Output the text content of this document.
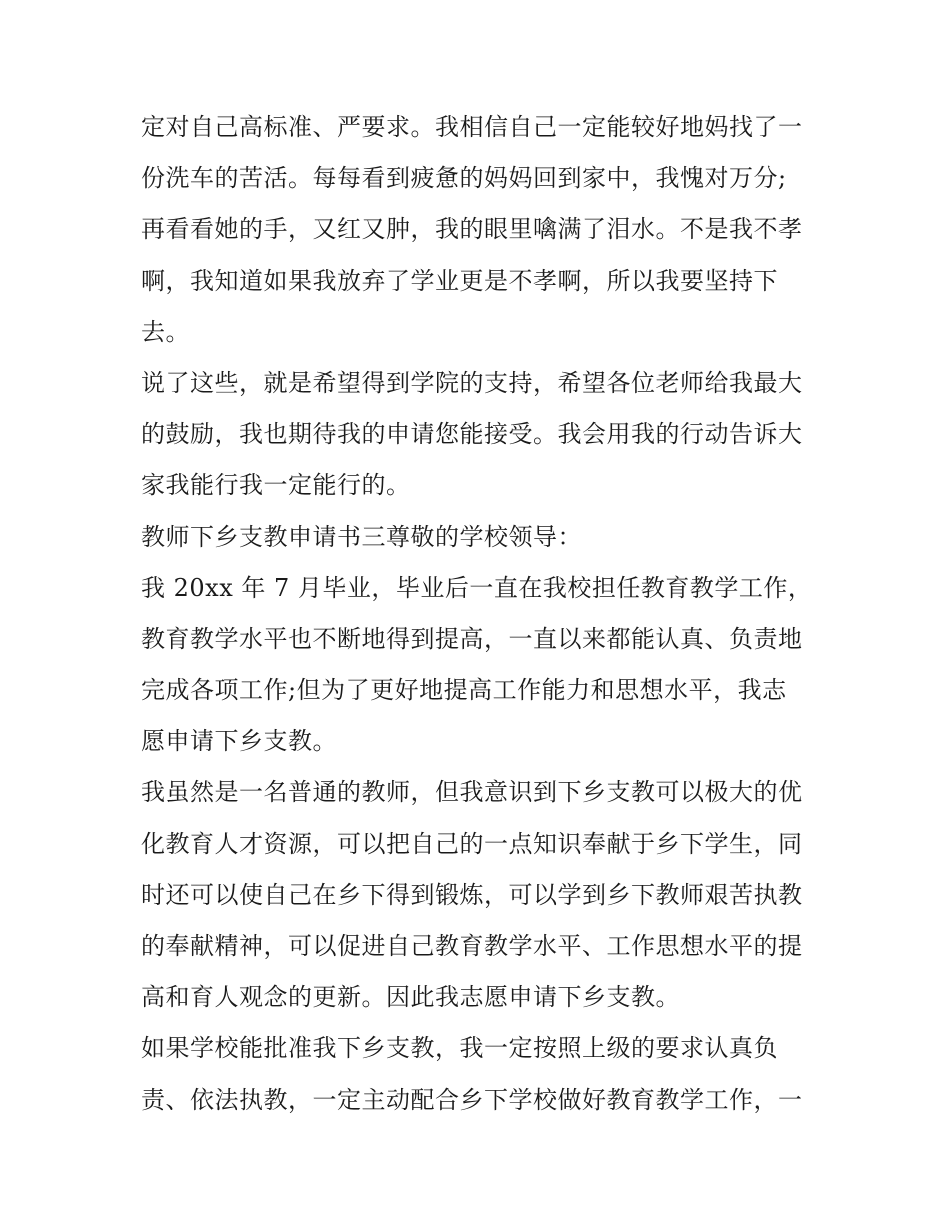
定对自己高标准、严要求。我相信自己一定能较好地妈找了一
份洗车的苦活。每每看到疲惫的妈妈回到家中，我愧对万分;
再看看她的手，又红又肿，我的眼里噙满了泪水。不是我不孝
啊，我知道如果我放弃了学业更是不孝啊，所以我要坚持下
去。
说了这些，就是希望得到学院的支持，希望各位老师给我最大
的鼓励，我也期待我的申请您能接受。我会用我的行动告诉大
家我能行我一定能行的。
教师下乡支教申请书三尊敬的学校领导：
我 20xx 年 7 月毕业，毕业后一直在我校担任教育教学工作，
教育教学水平也不断地得到提高，一直以来都能认真、负责地
完成各项工作;但为了更好地提高工作能力和思想水平，我志
愿申请下乡支教。
我虽然是一名普通的教师，但我意识到下乡支教可以极大的优
化教育人才资源，可以把自己的一点知识奉献于乡下学生，同
时还可以使自己在乡下得到锻炼，可以学到乡下教师艰苦执教
的奉献精神，可以促进自己教育教学水平、工作思想水平的提
高和育人观念的更新。因此我志愿申请下乡支教。
如果学校能批准我下乡支教，我一定按照上级的要求认真负
责、依法执教，一定主动配合乡下学校做好教育教学工作，一
